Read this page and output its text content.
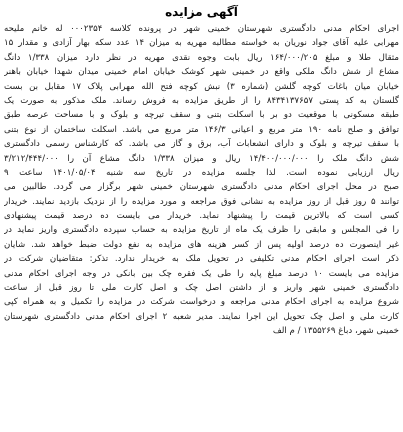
آگهی مزایده
اجرای احکام مدنی دادگستری شهرستان خمینی شهر در پرونده کلاسه ۰۰۰۲۳۵۴ له خانم ملیحه
مهرابی علیه آقای جواد نوریان به خواسته مطالبه مهریه به میزان ۱۴ عدد سکه بهار آزادی و مقدار ۱۵
مثقال طلا و مبلغ ۱۶۴/۰۰۰/۲۰۵ ریال بابت وجوه نقدی مهریه در نظر دارد میزان ۱/۳۳۸ دانگ
مشاع از شش دانگ ملکی واقع در خمینی شهر کوشک خیابان امام خمینی میدان شهدا خیابان باهنر
خیابان میان باغات کوچه گلشن (شماره ۳) نبش کوچه فتح الله مهرابی پلاک ۱۷ مقابل بن بست
گلستان به کد پستی ۸۴۳۴۱۳۷۶۵۷ را از طریق مزایده به فروش رساند. ملک مذکور به صورت یک
طبقه مسکونی با موقعیت دو بر با اسکلت بتنی و سقف تیرچه و بلوک و با مساحت عرصه طبق
توافق و صلح نامه ۱۹۰ متر مربع و اعیانی ۱۴۶/۳ متر مربع می باشد. اسکلت ساختمان از نوع بتنی
با سقف تیرچه و بلوک و دارای انشعابات آب، برق و گاز می باشد. که کارشناس رسمی دادگستری
شش دانگ ملک را ۱۴/۴۰۰/۰۰۰/۰۰۰ ریال و میزان ۱/۳۳۸ دانگ مشاع آن را ۳/۲۱۲/۴۴۴/۰۰۰
ریال ارزیابی نموده است. لذا جلسه مزایده در تاریخ سه شنبه ۱۴۰۱/۰۵/۰۴ ساعت ۹
صبح در محل اجرای احکام مدنی دادگستری شهرستان خمینی شهر برگزار می گردد. طالبین می
توانند ۵ روز قبل از روز مزایده به نشانی فوق مراجعه و مورد مزایده را از نزدیک بازدید نمایند. خریدار
کسی است که بالاترین قیمت را پیشنهاد نماید. خریدار می بایست ده درصد قیمت پیشنهادی
را فی المجلس و مابقی را ظرف یک ماه از تاریخ مزایده به حساب سپرده دادگستری واریز نماید در
غیر اینصورت ده درصد اولیه پس از کسر هزینه های مزایده به نفع دولت ضبط خواهد شد. شایان
ذکر است اجرای احکام مدنی تکلیفی در تحویل ملک به خریدار ندارد. تذکر: متقاضیان شرکت در
مزایده می بایست ۱۰ درصد مبلغ پایه را طی یک فقره چک بین بانکی در وجه اجرای احکام مدنی
دادگستری خمینی شهر واریز و از داشتن اصل چک و اصل کارت ملی تا روز قبل از ساعت
شروع مزایده به اجرای احکام مدنی مراجعه و درخواست شرکت در مزایده را تکمیل و به همراه کپی
کارت ملی و اصل چک تحویل این اجرا نمایند. مدیر شعبه ۲ اجرای احکام مدنی دادگستری شهرستان
خمینی شهر، دباغ ۱۳۵۵۲۶۹ / م الف
